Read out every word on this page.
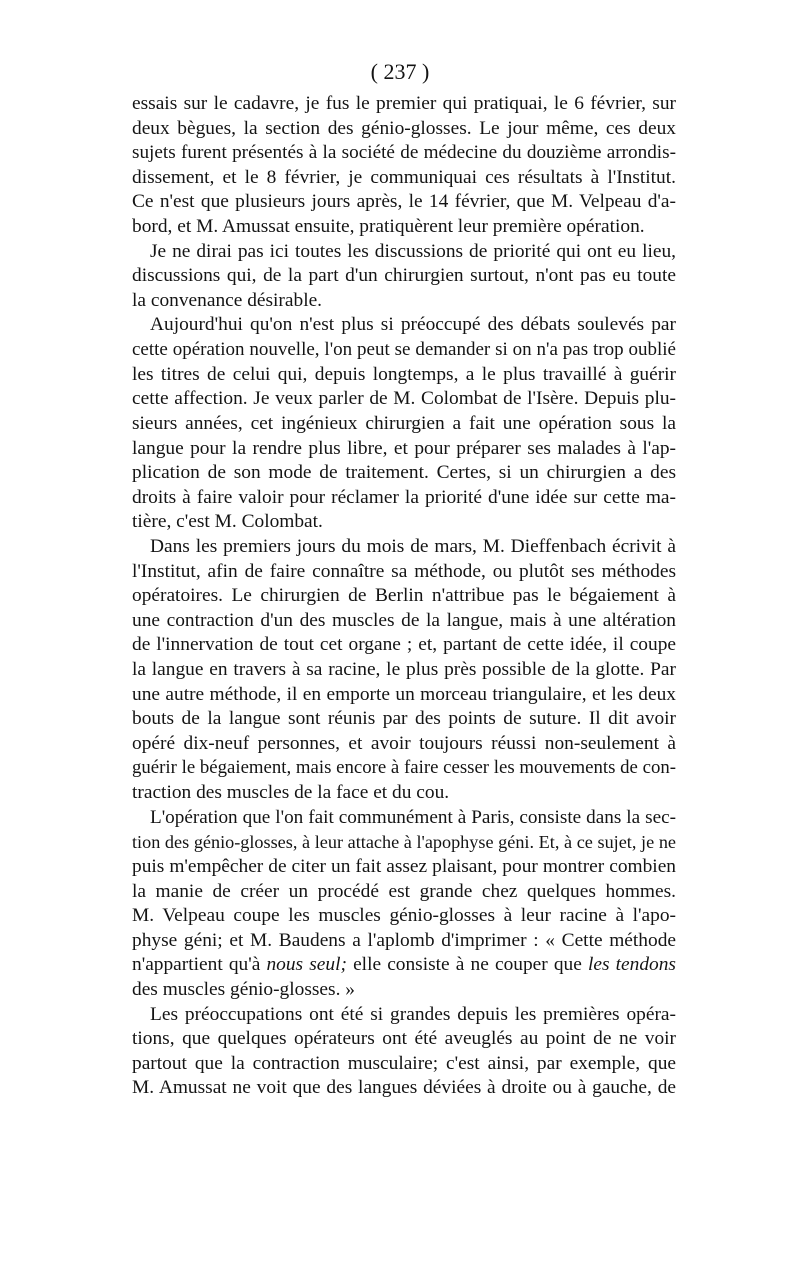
( 237 )
essais sur le cadavre, je fus le premier qui pratiquai, le 6 février, sur
deux bègues, la section des génio-glosses. Le jour même, ces deux
sujets furent présentés à la société de médecine du douzième arrondis-
dissement, et le 8 février, je communiquai ces résultats à l'Institut.
Ce n'est que plusieurs jours après, le 14 février, que M. Velpeau d'a-
bord, et M. Amussat ensuite, pratiquèrent leur première opération.
Je ne dirai pas ici toutes les discussions de priorité qui ont eu lieu,
discussions qui, de la part d'un chirurgien surtout, n'ont pas eu toute
la convenance désirable.
Aujourd'hui qu'on n'est plus si préoccupé des débats soulevés par
cette opération nouvelle, l'on peut se demander si on n'a pas trop oublié
les titres de celui qui, depuis longtemps, a le plus travaillé à guérir
cette affection. Je veux parler de M. Colombat de l'Isère. Depuis plu-
sieurs années, cet ingénieux chirurgien a fait une opération sous la
langue pour la rendre plus libre, et pour préparer ses malades à l'ap-
plication de son mode de traitement. Certes, si un chirurgien a des
droits à faire valoir pour réclamer la priorité d'une idée sur cette ma-
tière, c'est M. Colombat.
Dans les premiers jours du mois de mars, M. Dieffenbach écrivit à
l'Institut, afin de faire connaître sa méthode, ou plutôt ses méthodes
opératoires. Le chirurgien de Berlin n'attribue pas le bégaiement à
une contraction d'un des muscles de la langue, mais à une altération
de l'innervation de tout cet organe ; et, partant de cette idée, il coupe
la langue en travers à sa racine, le plus près possible de la glotte. Par
une autre méthode, il en emporte un morceau triangulaire, et les deux
bouts de la langue sont réunis par des points de suture. Il dit avoir
opéré dix-neuf personnes, et avoir toujours réussi non-seulement à
guérir le bégaiement, mais encore à faire cesser les mouvements de con-
traction des muscles de la face et du cou.
L'opération que l'on fait communément à Paris, consiste dans la sec-
tion des génio-glosses, à leur attache à l'apophyse géni. Et, à ce sujet, je ne
puis m'empêcher de citer un fait assez plaisant, pour montrer combien
la manie de créer un procédé est grande chez quelques hommes.
M. Velpeau coupe les muscles génio-glosses à leur racine à l'apo-
physe géni; et M. Baudens a l'aplomb d'imprimer : « Cette méthode
n'appartient qu'à nous seul; elle consiste à ne couper que les tendons
des muscles génio-glosses. »
Les préoccupations ont été si grandes depuis les premières opéra-
tions, que quelques opérateurs ont été aveuglés au point de ne voir
partout que la contraction musculaire; c'est ainsi, par exemple, que
M. Amussat ne voit que des langues déviées à droite ou à gauche, de
